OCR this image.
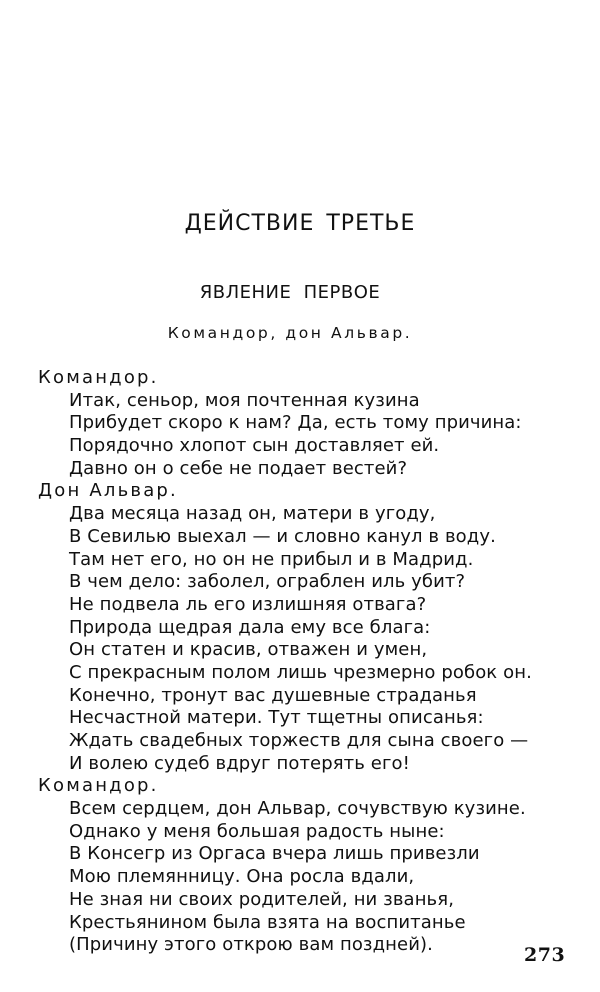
ДЕЙСТВИЕ ТРЕТЬЕ
ЯВЛЕНИЕ ПЕРВОЕ
Командор, дон Альвар.
Командор.
Итак, сеньор, моя почтенная кузина
Прибудет скоро к нам? Да, есть тому причина:
Порядочно хлопот сын доставляет ей.
Давно он о себе не подает вестей?
Дон Альвар.
Два месяца назад он, матери в угоду,
В Севилью выехал — и словно канул в воду.
Там нет его, но он не прибыл и в Мадрид.
В чем дело: заболел, ограблен иль убит?
Не подвела ль его излишняя отвага?
Природа щедрая дала ему все блага:
Он статен и красив, отважен и умен,
С прекрасным полом лишь чрезмерно робок он.
Конечно, тронут вас душевные страданья
Несчастной матери. Тут тщетны описанья:
Ждать свадебных торжеств для сына своего —
И волею судеб вдруг потерять его!
Командор.
Всем сердцем, дон Альвар, сочувствую кузине.
Однако у меня большая радость ныне:
В Консегр из Оргаса вчера лишь привезли
Мою племянницу. Она росла вдали,
Не зная ни своих родителей, ни званья,
Крестьянином была взята на воспитанье
(Причину этого открою вам поздней).	273
